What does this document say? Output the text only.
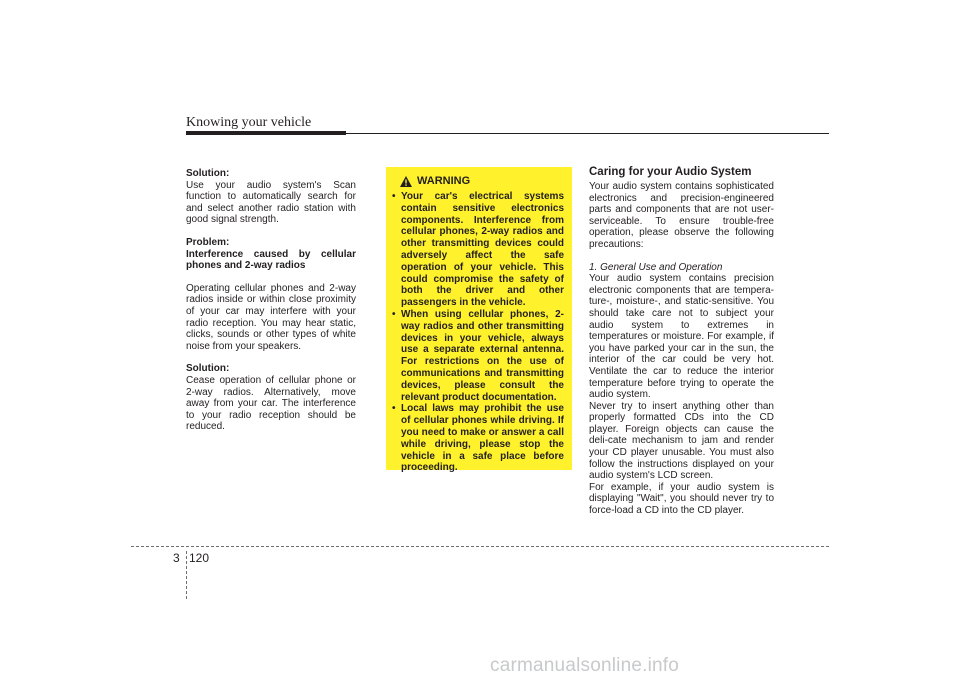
Knowing your vehicle

Solution:

Use your audio system's Scan function to automatically search for and select another radio station with good signal strength.

Problem:

Interference caused by cellular phones and 2-way radios

Operating cellular phones and 2-way radios inside or within close proximity of your car may interfere with your radio reception. You may hear static, clicks, sounds or other types of white noise from your speakers.

Solution:

Cease operation of cellular phone or 2-way radios. Alternatively, move away from your car. The interference to your radio reception should be reduced.

WARNING
• Your car's electrical systems contain sensitive electronics components. Interference from cellular phones, 2-way radios and other transmitting devices could adversely affect the safe operation of your vehicle. This could compromise the safety of both the driver and other passengers in the vehicle.
• When using cellular phones, 2-way radios and other transmitting devices in your vehicle, always use a separate external antenna. For restrictions on the use of communications and transmitting devices, please consult the relevant product documentation.
• Local laws may prohibit the use of cellular phones while driving. If you need to make or answer a call while driving, please stop the vehicle in a safe place before proceeding.

Caring for your Audio System

Your audio system contains sophisticated electronics and precision-engineered parts and components that are not user-serviceable. To ensure trouble-free operation, please observe the following precautions:

1. General Use and Operation

Your audio system contains precision electronic components that are tempera-ture-, moisture-, and static-sensitive. You should take care not to subject your audio system to extremes in temperatures or moisture. For example, if you have parked your car in the sun, the interior of the car could be very hot. Ventilate the car to reduce the interior temperature before trying to operate the audio system.

Never try to insert anything other than properly formatted CDs into the CD player. Foreign objects can cause the deli-cate mechanism to jam and render your CD player unusable. You must also follow the instructions displayed on your audio system's LCD screen.

For example, if your audio system is displaying "Wait", you should never try to force-load a CD into the CD player.

3 120
carmanualsonline.info
